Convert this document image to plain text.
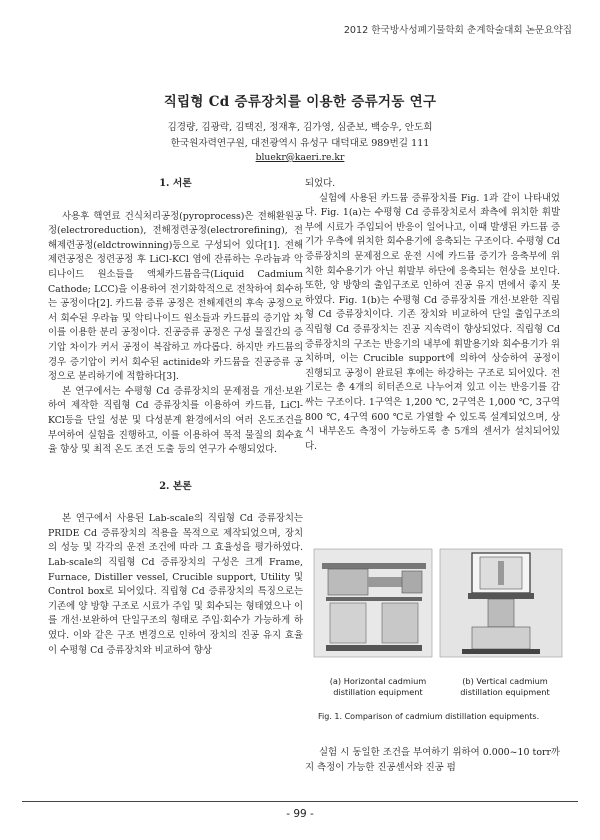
2012 한국방사성폐기물학회 춘계학술대회 논문요약집
직립형 Cd 증류장치를 이용한 증류거동 연구
김경량, 김광락, 김택진, 정재후, 김가영, 심준보, 백승우, 안도희
한국원자력연구원, 대전광역시 유성구 대덕대로 989번길 111
bluekr@kaeri.re.kr
1. 서론

사용후 핵연료 건식처리공정(pyroprocess)은 전해환원공정(electroreduction), 전해정련공정(electrorefining), 전해제련공정(eldctrowinning)등으로 구성되어 있다[1]. 전해제련공정은 정련공정 후 LiCl-KCl 염에 잔류하는 우라늄과 악티나이드 원소들을 액체카드뮴음극(Liquid Cadmium Cathode; LCC)을 이용하여 전기화학적으로 전착하여 회수하는 공정이다[2]. 카드뮴 증류 공정은 전해제련의 후속 공정으로서 회수된 우라늄 및 악티나이드 원소들과 카드뮴의 증기압 차이를 이용한 분리 공정이다. 진공증류 공정은 구성 물질간의 증기압 차이가 커서 공정이 복잡하고 까다롭다. 하지만 카드뮴의 경우 증기압이 커서 회수된 actinide와 카드뮴을 진공증류 공정으로 분리하기에 적합하다[3].

본 연구에서는 수평형 Cd 증류장치의 문제점을 개선·보완하여 제작한 직립형 Cd 증류장치를 이용하여 카드뮴, LiCl-KCl등을 단일 성분 및 다성분계 환경에서의 여러 온도조건을 부여하여 실험을 진행하고, 이를 이용하여 목적 물질의 회수효율 향상 및 최적 온도 조건 도출 등의 연구가 수행되었다.

2. 본론

본 연구에서 사용된 Lab-scale의 직립형 Cd 증류장치는 PRIDE Cd 증류장치의 적용을 목적으로 제작되었으며, 장치의 성능 및 각각의 운전 조건에 따라 그 효율성을 평가하였다. Lab-scale의 직립형 Cd 증류장치의 구성은 크게 Frame, Furnace, Distiller vessel, Crucible support, Utility 및 Control box로 되어있다. 직립형 Cd 증류장치의 특징으로는 기존에 양 방향 구조로 시료가 주입 및 회수되는 형태였으나 이를 개선·보완하여 단일구조의 형태로 주입·회수가 가능하게 하였다. 이와 같은 구조 변경으로 인하여 장치의 진공 유지 효율이 수평형 Cd 증류장치와 비교하여 향상

되었다.

실험에 사용된 카드뮴 증류장치를 Fig. 1과 같이 나타내었다. Fig. 1(a)는 수평형 Cd 증류장치로서 좌측에 위치한 휘발부에 시료가 주입되어 반응이 일어나고, 이때 발생된 카드뮴 증기가 우측에 위치한 회수용기에 응축되는 구조이다. 수평형 Cd 증류장치의 문제점으로 운전 시에 카드뮴 증기가 응축부에 위치한 회수용기가 아닌 휘발부 하단에 응축되는 현상을 보인다. 또한, 양 방향의 출입구조로 인하여 진공 유지 면에서 좋지 못하였다. Fig. 1(b)는 수평형 Cd 증류장치를 개선·보완한 직립형 Cd 증류장치이다. 기존 장치와 비교하여 단일 출입구조의 직립형 Cd 증류장치는 진공 지속력이 향상되었다. 직립형 Cd 증류장치의 구조는 반응기의 내부에 휘발용기와 회수용기가 위치하며, 이는 Crucible support에 의하여 상승하여 공정이 진행되고 공정이 완료된 후에는 하강하는 구조로 되어있다. 전기로는 총 4개의 히터존으로 나누어져 있고 이는 반응기를 감싸는 구조이다. 1구역은 1,200 ℃, 2구역은 1,000 ℃, 3구역 800 ℃, 4구역 600 ℃로 가열할 수 있도록 설계되었으며, 상시 내부온도 측정이 가능하도록 총 5개의 센서가 설치되어있다.

(a) Horizontal cadmium distillation equipment
(b) Vertical cadmium distillation equipment
Fig. 1. Comparison of cadmium distillation equipments.

실험 시 동일한 조건을 부여하기 위하여 0.000~10 torr까지 측정이 가능한 진공센서와 진공 펌

- 99 -
